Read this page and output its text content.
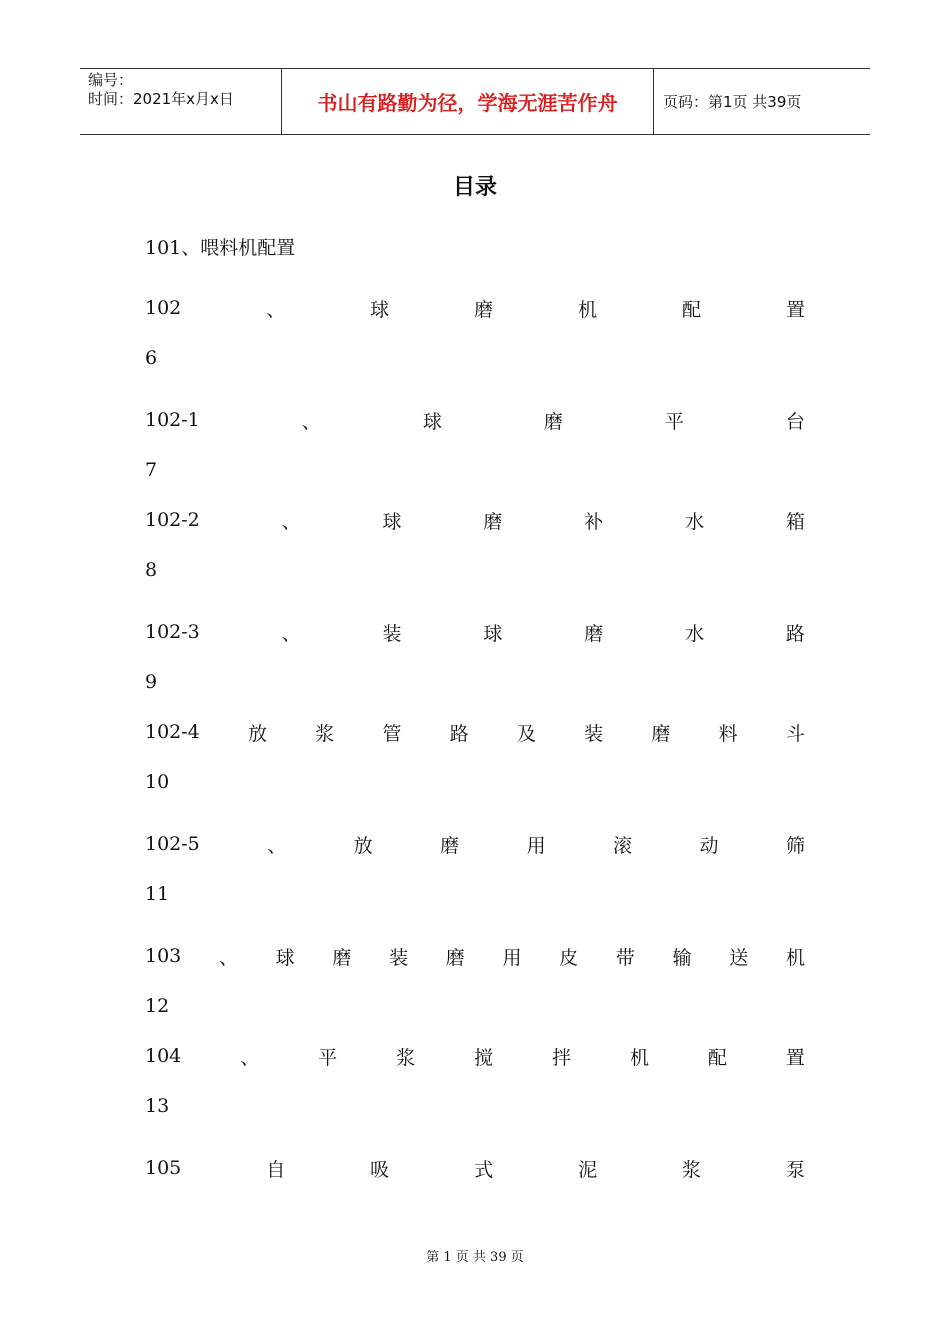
编号：
时间：2021年x月x日	书山有路勤为径，学海无涯苦作舟	页码：第1页 共39页
目录
101、喂料机配置
102	、	球	磨	机	配	置
6
102-1	、	球	磨	平	台
7
102-2	、	球	磨	补	水	箱
8
102-3	、	装	球	磨	水	路
9
102-4	放	浆	管	路	及	装	磨	料	斗
10
102-5	、	放	磨	用	滚	动	筛
11
103 、 球 磨 装 磨 用 皮 带 输 送 机
12
104	、	平	浆	搅	拌	机	配	置
13
105	自	吸	式	泥	浆	泵
第 1 页 共 39 页
